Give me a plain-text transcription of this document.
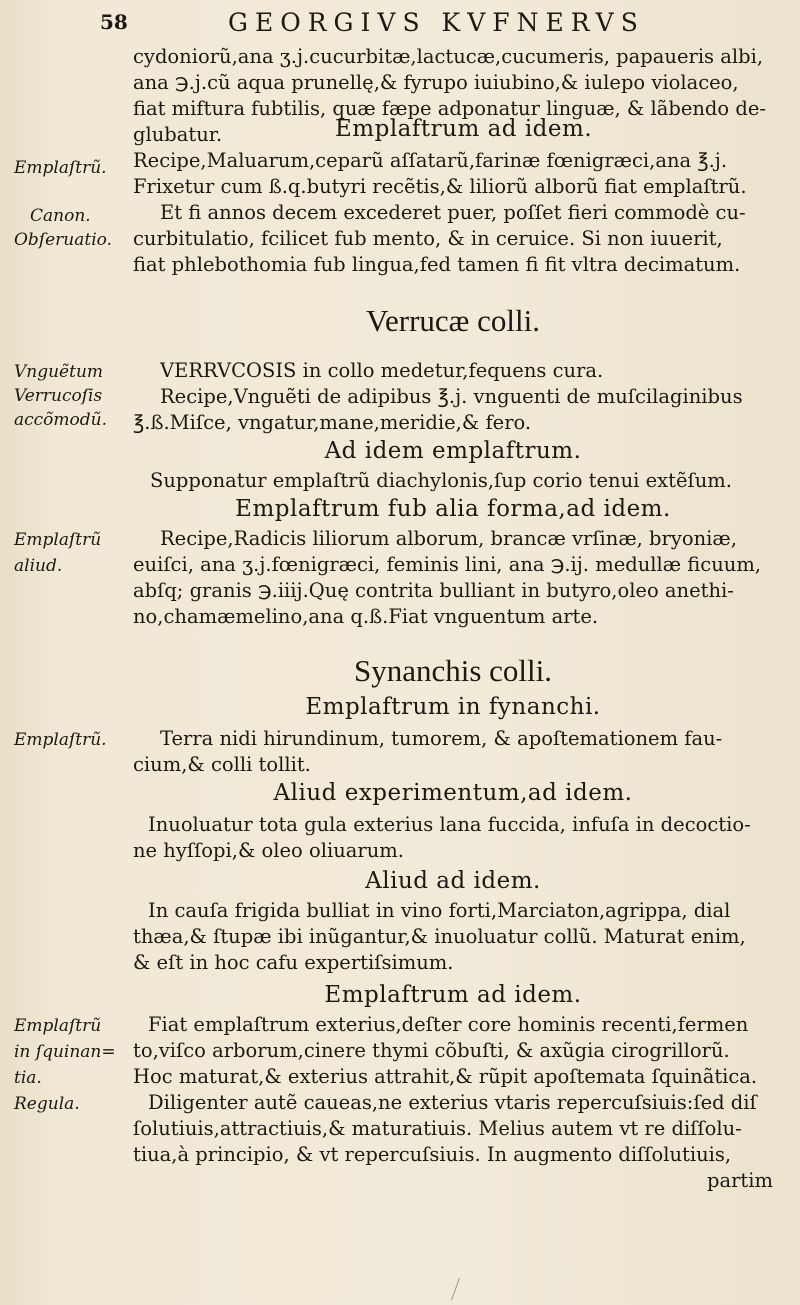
58	GEORGIVS KVFNERVS
cydoniorũ,ana ʒ.j.cucurbitæ,lactucæ,cucumeris, papaueris albi,
ana ℈.j.cũ aqua prunellę,& fyrupo iuiubino,& iulepo violaceo,
fiat miftura fubtilis, quæ fæpe adponatur linguæ, & lãbendo de-
glubatur.	Emplaftrum ad idem.
Recipe,Maluarum,ceparũ aſſatarũ,farinæ fœnigræci,ana ℥.j.
Frixetur cum ß.q.butyri recẽtis,& liliorũ alborũ fiat emplaſtrũ.
Et fi annos decem excederet puer, poſſet fieri commodè cu-
curbitulatio, fcilicet fub mento, & in ceruice. Si non iuuerit,
fiat phlebothomia fub lingua,fed tamen fi fit vltra decimatum.
Verrucæ colli.
VERRVCOSIS in collo medetur,fequens cura.
Recipe,Vnguẽti de adipibus ℥.j. vnguenti de muſcilaginibus
℥.ß.Miſce, vngatur,mane,meridie,& fero.
Ad idem emplaftrum.
Supponatur emplaſtrũ diachylonis,ſup corio tenui extẽſum.
Emplaftrum fub alia forma,ad idem.
Recipe,Radicis liliorum alborum, brancæ vrſinæ, bryoniæ,
euiſci, ana ʒ.j.fœnigræci, feminis lini, ana ℈.ij. medullæ ficuum,
abſq; granis ℈.iiij.Quę contrita bulliant in butyro,oleo anethi-
no,chamæmelino,ana q.ß.Fiat vnguentum arte.
Synanchis colli.
Emplaftrum in fynanchi.
Terra nidi hirundinum, tumorem, & apoſtemationem fau-
cium,& colli tollit.
Aliud experimentum,ad idem.
Inuoluatur tota gula exterius lana fuccida, infuſa in decoctio-
ne hyſſopi,& oleo oliuarum.
Aliud ad idem.
In cauſa frigida bulliat in vino forti,Marciaton,agrippa, dial
thæa,& ſtupæ ibi inũgantur,& inuoluatur collũ. Maturat enim,
& eſt in hoc cafu expertiſsimum.
Emplaftrum ad idem.
Fiat emplaſtrum exterius,deſter core hominis recenti,fermen
to,viſco arborum,cinere thymi cõbuſti, & axũgia cirogrillorũ.
Hoc maturat,& exterius attrahit,& rũpit apoſtemata ſquinãtica.
Diligenter autẽ caueas,ne exterius vtaris repercuſsiuis:ſed diſ
ſolutiuis,attractiuis,& maturatiuis. Melius autem vt re diſſolu-
tiua,à principio, & vt repercuſsiuis. In augmento diſſolutiuis,
partim
Emplaſtrũ.
Canon.
Obſeruatio.
Vnguẽtum
Verrucoſis
accõmodũ.
Emplaſtrũ
aliud.
Emplaſtrũ.
Emplaſtrũ
in ſquinan=
tia.
Regula.
